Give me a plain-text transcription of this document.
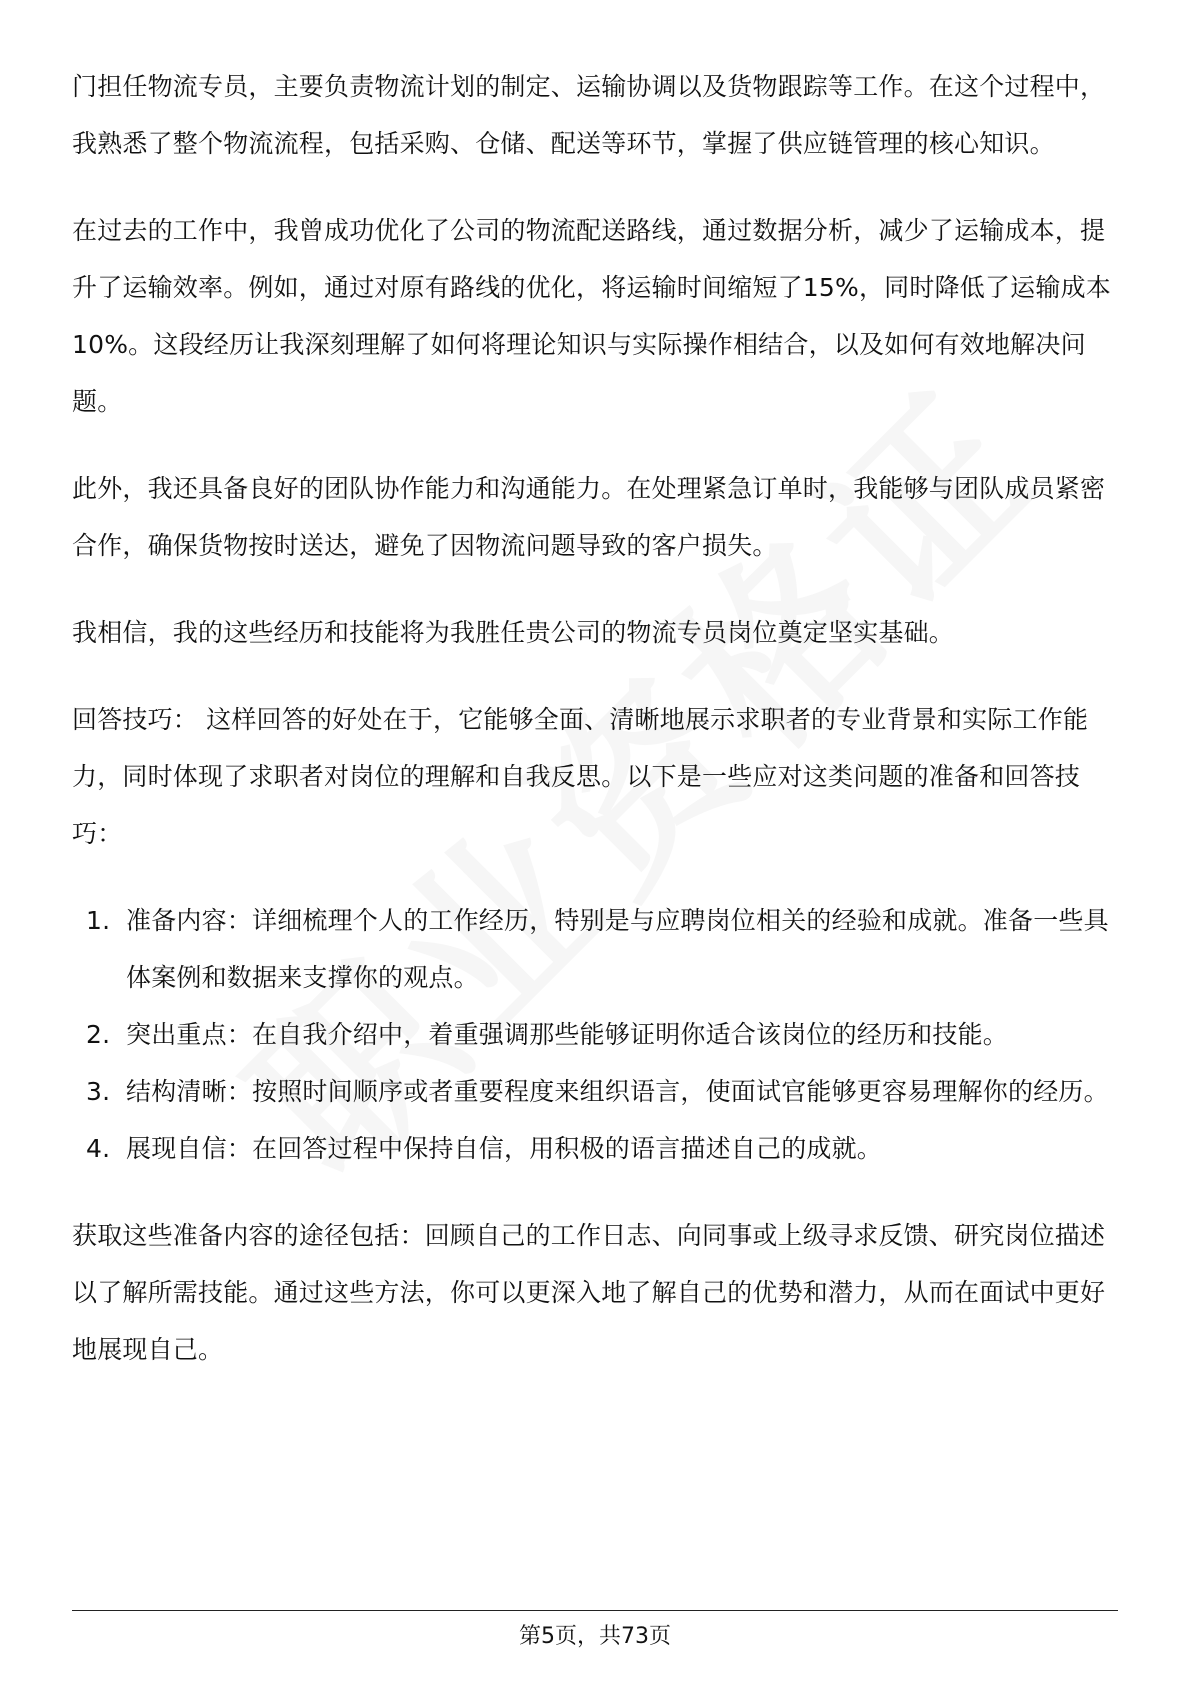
门担任物流专员，主要负责物流计划的制定、运输协调以及货物跟踪等工作。在这个过程中，我熟悉了整个物流流程，包括采购、仓储、配送等环节，掌握了供应链管理的核心知识。

在过去的工作中，我曾成功优化了公司的物流配送路线，通过数据分析，减少了运输成本，提升了运输效率。例如，通过对原有路线的优化，将运输时间缩短了15%，同时降低了运输成本10%。这段经历让我深刻理解了如何将理论知识与实际操作相结合，以及如何有效地解决问题。

此外，我还具备良好的团队协作能力和沟通能力。在处理紧急订单时，我能够与团队成员紧密合作，确保货物按时送达，避免了因物流问题导致的客户损失。

我相信，我的这些经历和技能将为我胜任贵公司的物流专员岗位奠定坚实基础。

回答技巧： 这样回答的好处在于，它能够全面、清晰地展示求职者的专业背景和实际工作能力，同时体现了求职者对岗位的理解和自我反思。以下是一些应对这类问题的准备和回答技巧：

1. 准备内容：详细梳理个人的工作经历，特别是与应聘岗位相关的经验和成就。准备一些具体案例和数据来支撑你的观点。
2. 突出重点：在自我介绍中，着重强调那些能够证明你适合该岗位的经历和技能。
3. 结构清晰：按照时间顺序或者重要程度来组织语言，使面试官能够更容易理解你的经历。
4. 展现自信：在回答过程中保持自信，用积极的语言描述自己的成就。

获取这些准备内容的途径包括：回顾自己的工作日志、向同事或上级寻求反馈、研究岗位描述以了解所需技能。通过这些方法，你可以更深入地了解自己的优势和潜力，从而在面试中更好地展现自己。

第5页，共73页
